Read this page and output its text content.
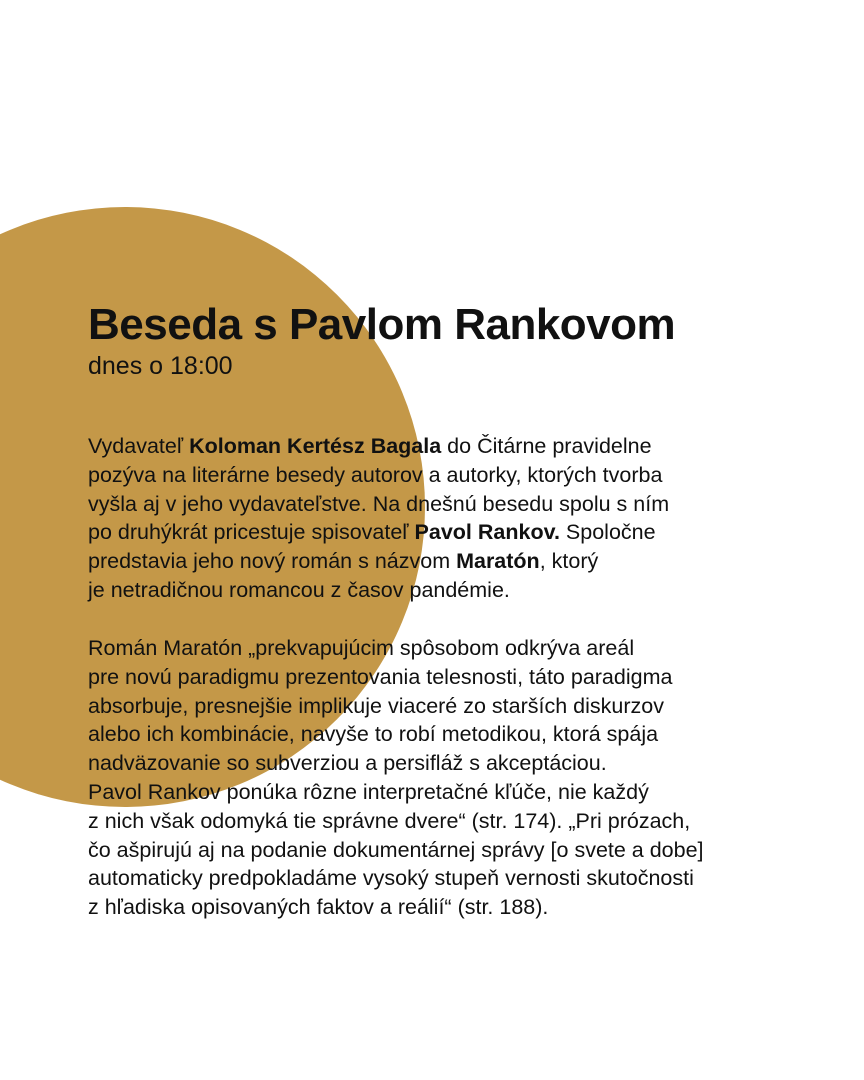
Beseda s Pavlom Rankovom
dnes o 18:00

Vydavateľ Koloman Kertész Bagala do Čitárne pravidelne
pozýva na literárne besedy autorov a autorky, ktorých tvorba
vyšla aj v jeho vydavateľstve. Na dnešnú besedu spolu s ním
po druhýkrát pricestuje spisovateľ Pavol Rankov. Spoločne
predstavia jeho nový román s názvom Maratón, ktorý
je netradičnou romancou z časov pandémie.

Román Maratón „prekvapujúcim spôsobom odkrýva areál
pre novú paradigmu prezentovania telesnosti, táto paradigma
absorbuje, presnejšie implikuje viaceré zo starších diskurzov
alebo ich kombinácie, navyše to robí metodikou, ktorá spája
nadväzovanie so subverziou a persifláž s akceptáciou.
Pavol Rankov ponúka rôzne interpretačné kľúče, nie každý
z nich však odomyká tie správne dvere“ (str. 174). „Pri prózach,
čo ašpirujú aj na podanie dokumentárnej správy [o svete a dobe]
automaticky predpokladáme vysoký stupeň vernosti skutočnosti
z hľadiska opisovaných faktov a reálií“ (str. 188).
